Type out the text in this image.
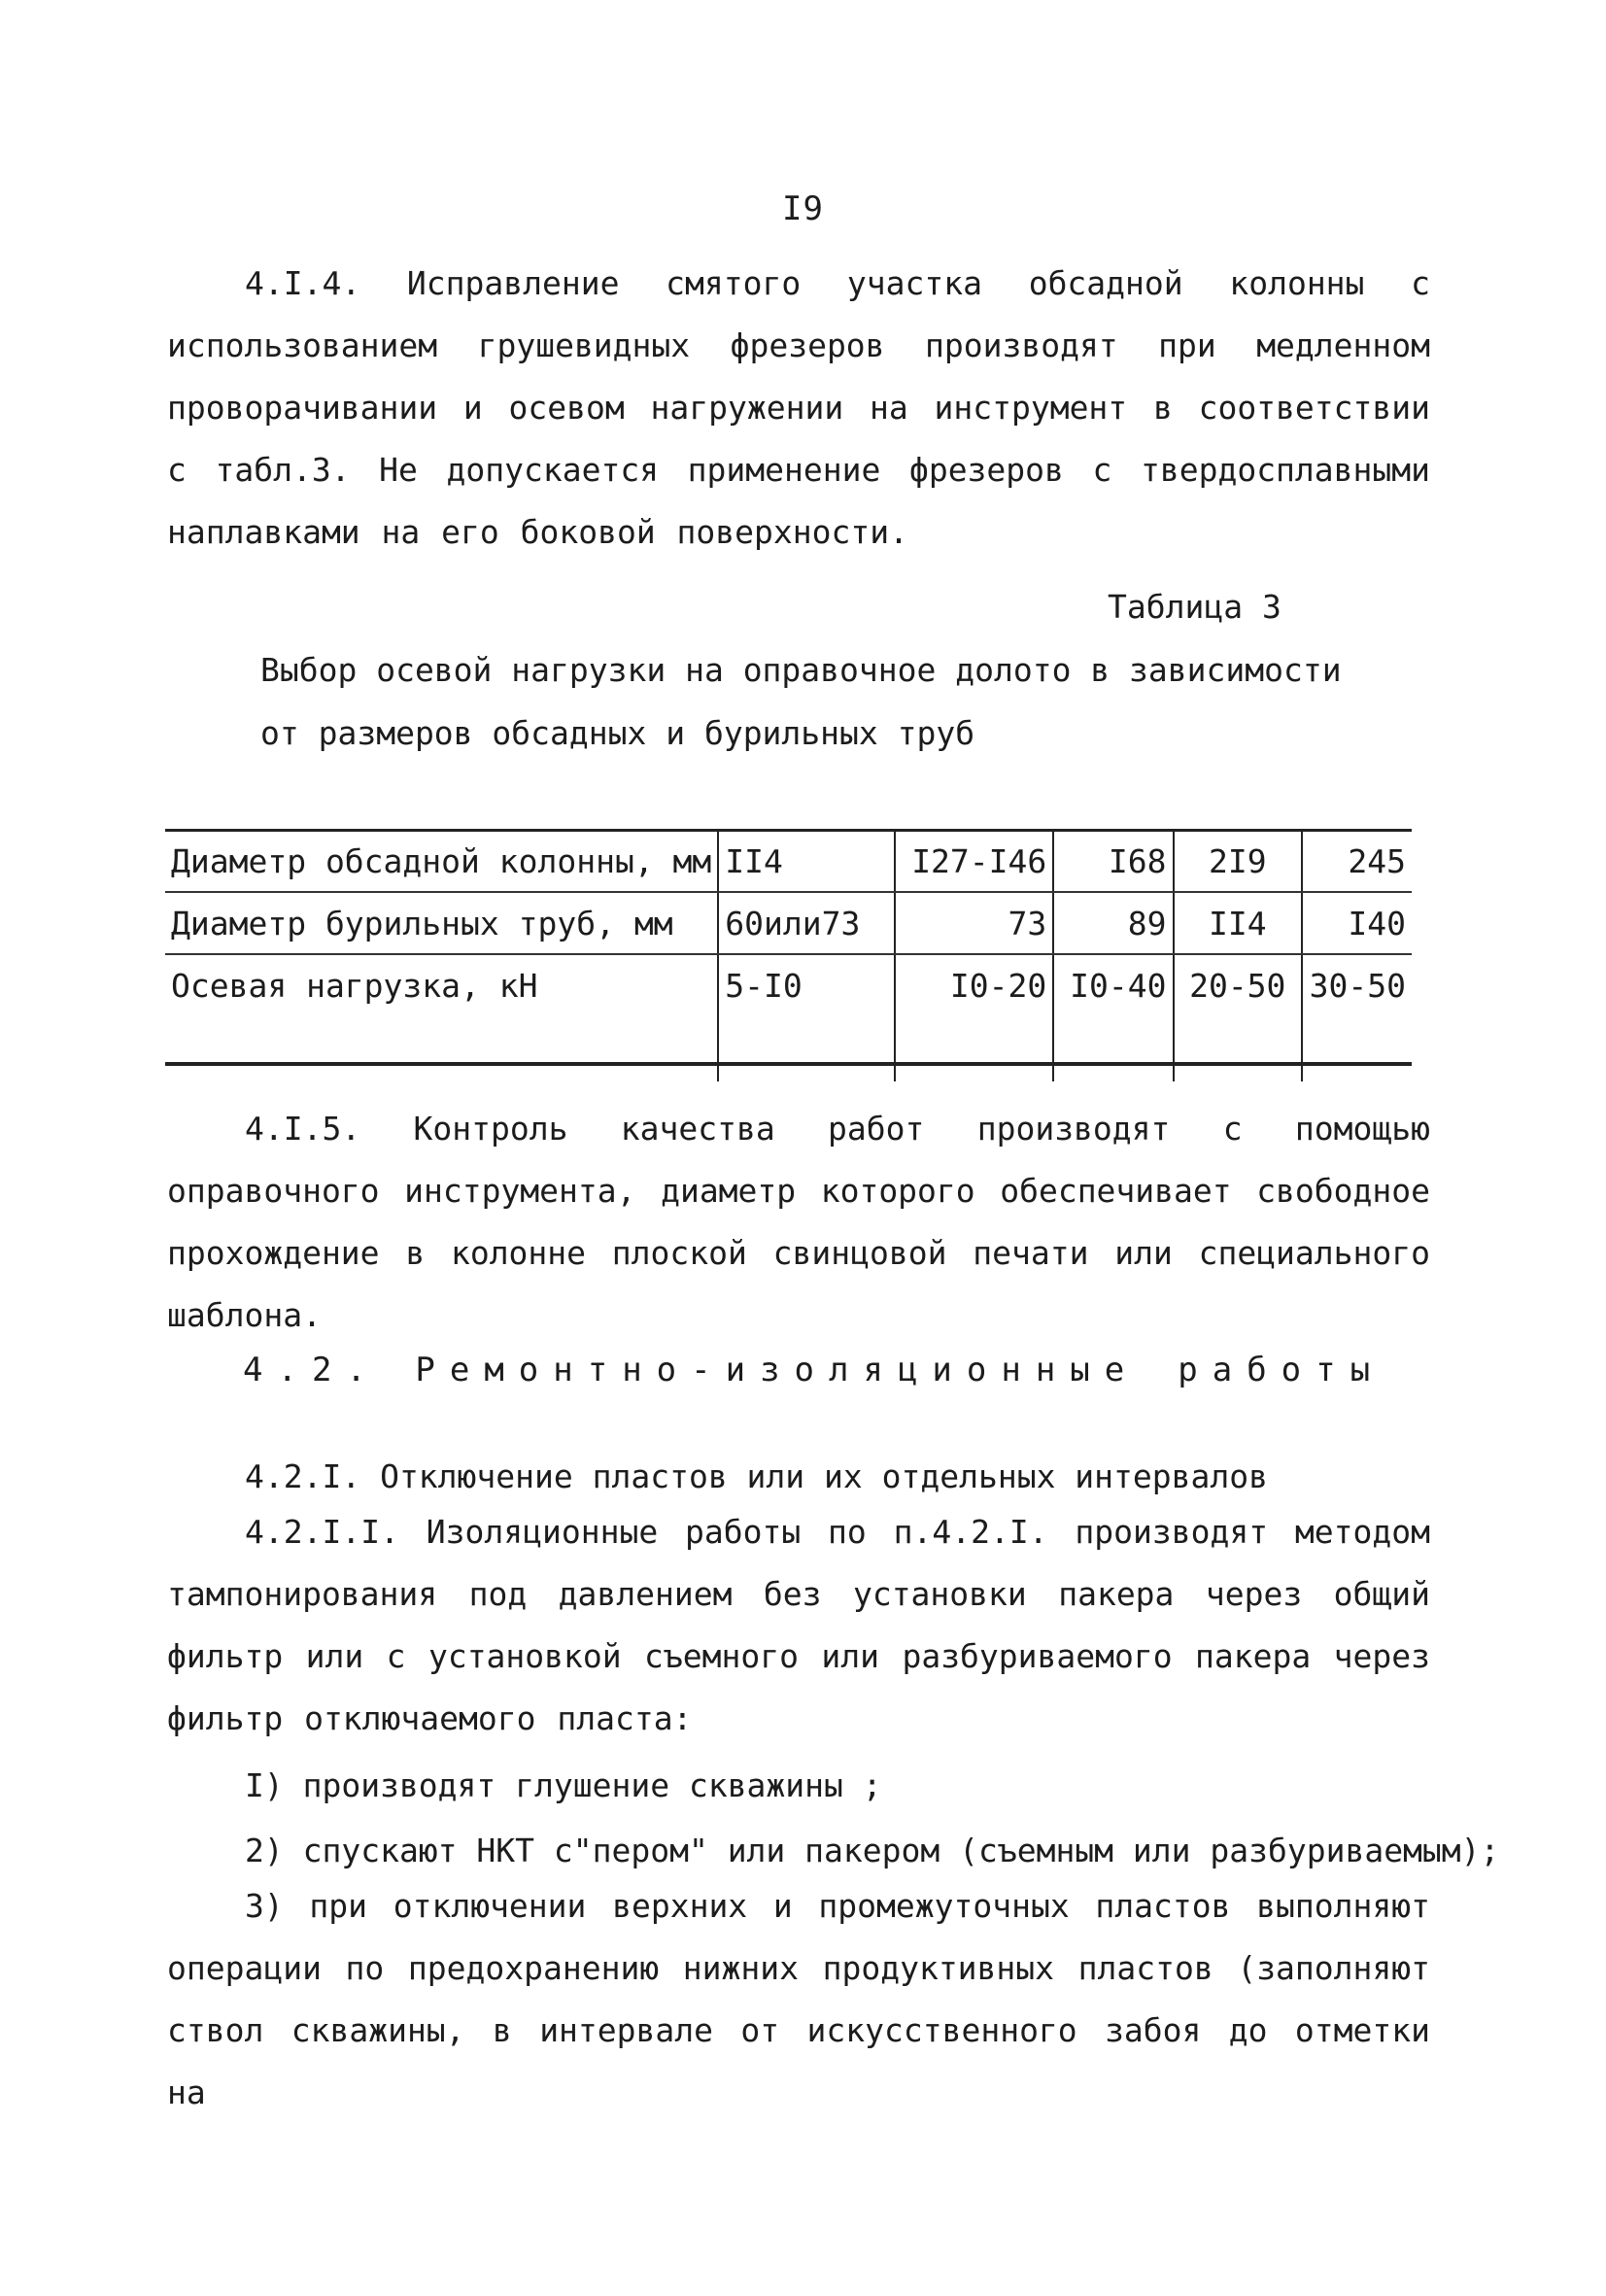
I9
4.I.4. Исправление смятого участка обсадной колонны с использованием грушевидных фрезеров производят при медленном проворачивании и осевом нагружении на инструмент в соответствии с табл.3. Не допускается применение фрезеров с твердосплавными наплавками на его боковой поверхности.
Таблица 3
Выбор осевой нагрузки на оправочное долото в зависимости
от размеров обсадных и бурильных труб
Диаметр обсадной колонны, мм	II4	I27-I46	I68	2I9	245
Диаметр бурильных труб, мм	60или73	73	89	II4	I40
Осевая нагрузка, кН	5-I0	I0-20	I0-40	20-50	30-50
4.I.5. Контроль качества работ производят с помощью оправочного инструмента, диаметр которого обеспечивает свободное прохождение в колонне плоской свинцовой печати или специального шаблона.
4.2. Ремонтно-изоляционные работы
4.2.I. Отключение пластов или их отдельных интервалов
4.2.I.I. Изоляционные работы по п.4.2.I. производят методом тампонирования под давлением без установки пакера через общий фильтр или с установкой съемного или разбуриваемого пакера через фильтр отключаемого пласта:
I) производят глушение скважины ;
2) спускают НКТ с"пером" или пакером (съемным или разбуриваемым);
3) при отключении верхних и промежуточных пластов выполняют операции по предохранению нижних продуктивных пластов (заполняют ствол скважины, в интервале от искусственного забоя до отметки на
